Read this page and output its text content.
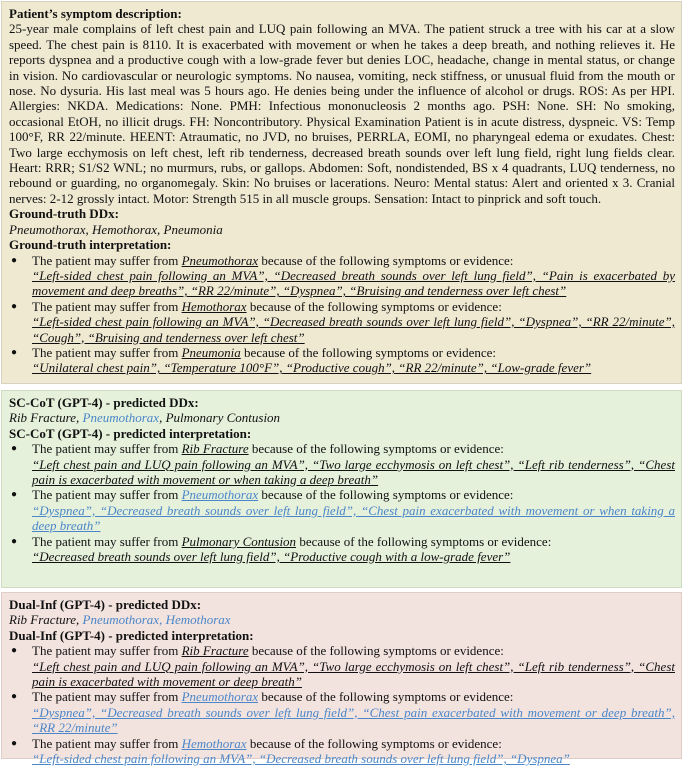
Patient’s symptom description:
25-year male complains of left chest pain and LUQ pain following an MVA. The patient struck a tree with his car at a slow speed. The chest pain is 8110. It is exacerbated with movement or when he takes a deep breath, and nothing relieves it. He reports dyspnea and a productive cough with a low-grade fever but denies LOC, headache, change in mental status, or change in vision. No cardiovascular or neurologic symptoms. No nausea, vomiting, neck stiffness, or unusual fluid from the mouth or nose. No dysuria. His last meal was 5 hours ago. He denies being under the influence of alcohol or drugs. ROS: As per HPI. Allergies: NKDA. Medications: None. PMH: Infectious mononucleosis 2 months ago. PSH: None. SH: No smoking, occasional EtOH, no illicit drugs. FH: Noncontributory. Physical Examination Patient is in acute distress, dyspneic. VS: Temp 100°F, RR 22/minute. HEENT: Atraumatic, no JVD, no bruises, PERRLA, EOMI, no pharyngeal edema or exudates. Chest: Two large ecchymosis on left chest, left rib tenderness, decreased breath sounds over left lung field, right lung fields clear. Heart: RRR; S1/S2 WNL; no murmurs, rubs, or gallops. Abdomen: Soft, nondistended, BS x 4 quadrants, LUQ tenderness, no rebound or guarding, no organomegaly. Skin: No bruises or lacerations. Neuro: Mental status: Alert and oriented x 3. Cranial nerves: 2-12 grossly intact. Motor: Strength 515 in all muscle groups. Sensation: Intact to pinprick and soft touch.
Ground-truth DDx:
Pneumothorax, Hemothorax, Pneumonia
Ground-truth interpretation:
● The patient may suffer from Pneumothorax because of the following symptoms or evidence:
“Left-sided chest pain following an MVA”, “Decreased breath sounds over left lung field”, “Pain is exacerbated by movement and deep breaths”, “RR 22/minute”, “Dyspnea”, “Bruising and tenderness over left chest”
● The patient may suffer from Hemothorax because of the following symptoms or evidence:
“Left-sided chest pain following an MVA”, “Decreased breath sounds over left lung field”, “Dyspnea”, “RR 22/minute”, “Cough”, “Bruising and tenderness over left chest”
● The patient may suffer from Pneumonia because of the following symptoms or evidence:
“Unilateral chest pain”, “Temperature 100°F”, “Productive cough”, “RR 22/minute”, “Low-grade fever”
SC-CoT (GPT-4) - predicted DDx:
Rib Fracture, Pneumothorax, Pulmonary Contusion
SC-CoT (GPT-4) - predicted interpretation:
● The patient may suffer from Rib Fracture because of the following symptoms or evidence:
“Left chest pain and LUQ pain following an MVA”, “Two large ecchymosis on left chest”, “Left rib tenderness”, “Chest pain is exacerbated with movement or when taking a deep breath”
● The patient may suffer from Pneumothorax because of the following symptoms or evidence:
“Dyspnea”, “Decreased breath sounds over left lung field”, “Chest pain exacerbated with movement or when taking a deep breath”
● The patient may suffer from Pulmonary Contusion because of the following symptoms or evidence:
“Decreased breath sounds over left lung field”, “Productive cough with a low-grade fever”
Dual-Inf (GPT-4) - predicted DDx:
Rib Fracture, Pneumothorax, Hemothorax
Dual-Inf (GPT-4) - predicted interpretation:
● The patient may suffer from Rib Fracture because of the following symptoms or evidence:
“Left chest pain and LUQ pain following an MVA”, “Two large ecchymosis on left chest”, “Left rib tenderness”, “Chest pain is exacerbated with movement or deep breath”
● The patient may suffer from Pneumothorax because of the following symptoms or evidence:
“Dyspnea”, “Decreased breath sounds over left lung field”, “Chest pain exacerbated with movement or deep breath”, “RR 22/minute”
● The patient may suffer from Hemothorax because of the following symptoms or evidence:
“Left-sided chest pain following an MVA”, “Decreased breath sounds over left lung field”, “Dyspnea”
